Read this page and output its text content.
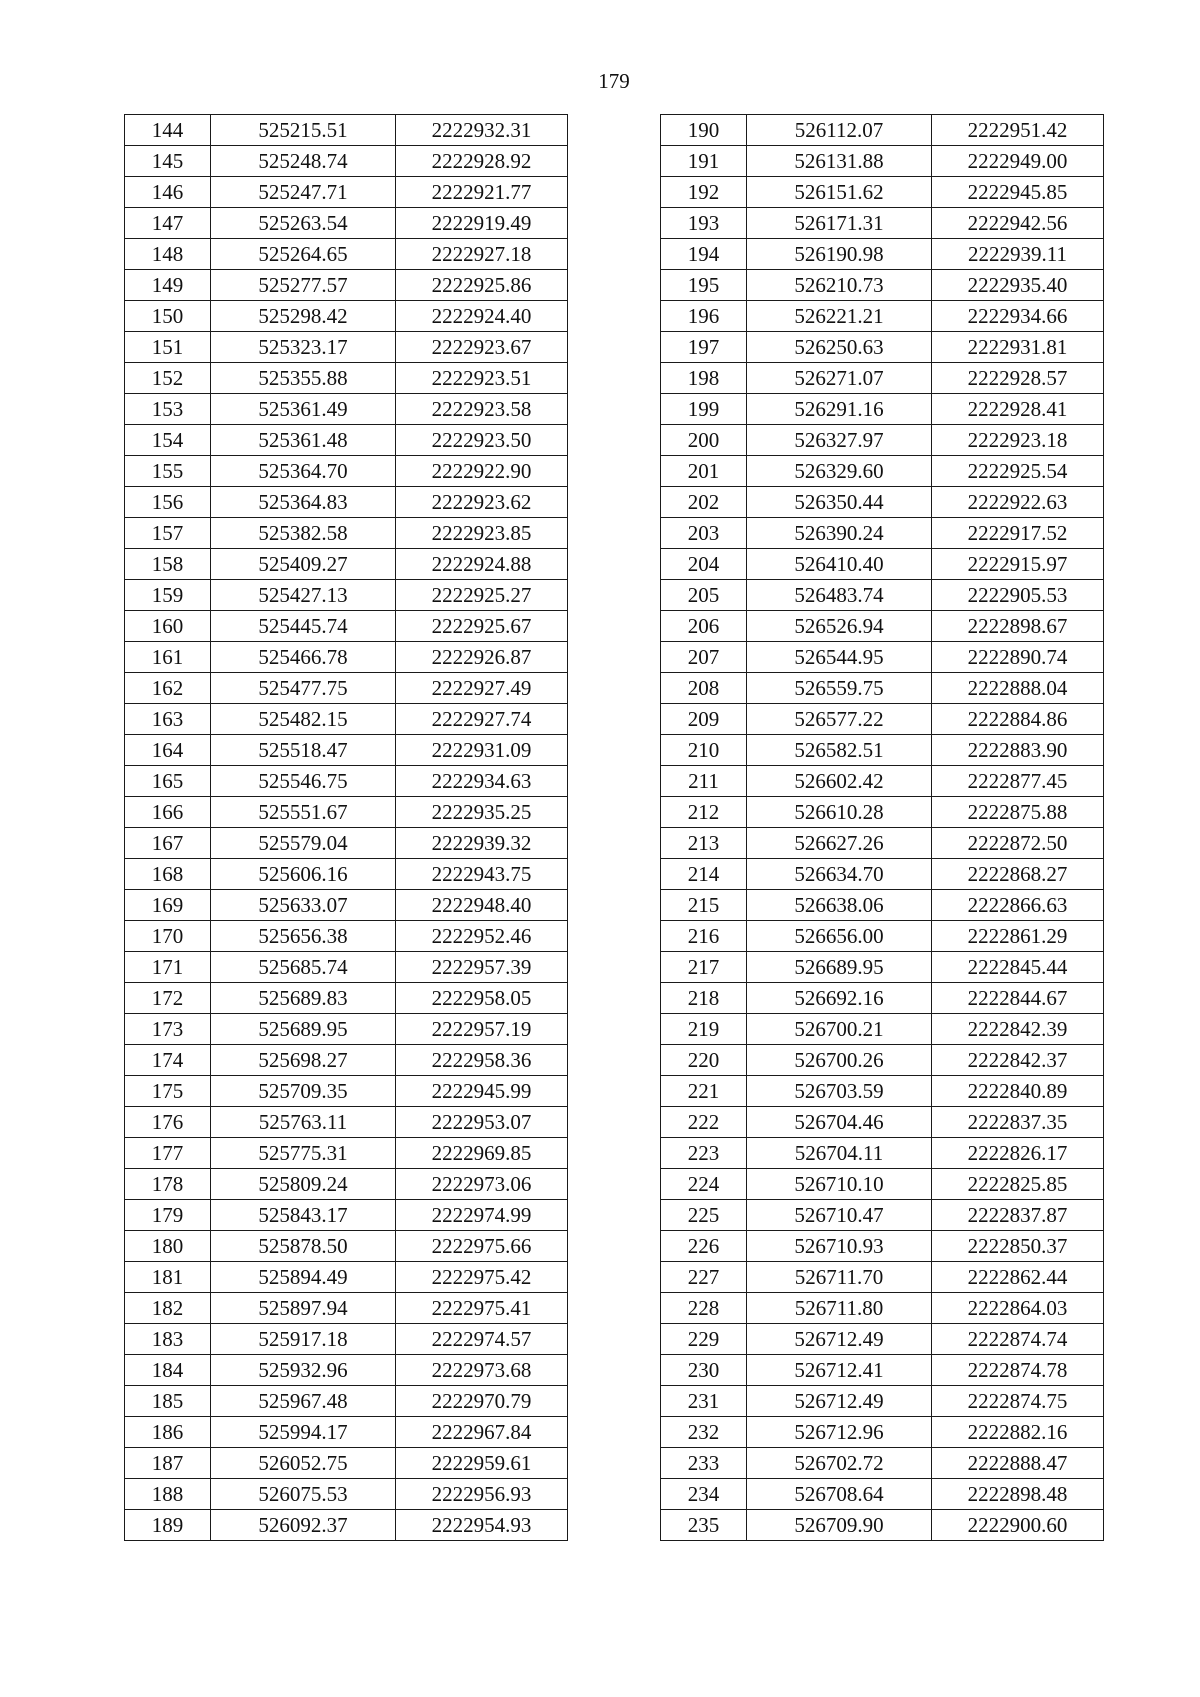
179
144	525215.51	2222932.31
145	525248.74	2222928.92
146	525247.71	2222921.77
147	525263.54	2222919.49
148	525264.65	2222927.18
149	525277.57	2222925.86
150	525298.42	2222924.40
151	525323.17	2222923.67
152	525355.88	2222923.51
153	525361.49	2222923.58
154	525361.48	2222923.50
155	525364.70	2222922.90
156	525364.83	2222923.62
157	525382.58	2222923.85
158	525409.27	2222924.88
159	525427.13	2222925.27
160	525445.74	2222925.67
161	525466.78	2222926.87
162	525477.75	2222927.49
163	525482.15	2222927.74
164	525518.47	2222931.09
165	525546.75	2222934.63
166	525551.67	2222935.25
167	525579.04	2222939.32
168	525606.16	2222943.75
169	525633.07	2222948.40
170	525656.38	2222952.46
171	525685.74	2222957.39
172	525689.83	2222958.05
173	525689.95	2222957.19
174	525698.27	2222958.36
175	525709.35	2222945.99
176	525763.11	2222953.07
177	525775.31	2222969.85
178	525809.24	2222973.06
179	525843.17	2222974.99
180	525878.50	2222975.66
181	525894.49	2222975.42
182	525897.94	2222975.41
183	525917.18	2222974.57
184	525932.96	2222973.68
185	525967.48	2222970.79
186	525994.17	2222967.84
187	526052.75	2222959.61
188	526075.53	2222956.93
189	526092.37	2222954.93
190	526112.07	2222951.42
191	526131.88	2222949.00
192	526151.62	2222945.85
193	526171.31	2222942.56
194	526190.98	2222939.11
195	526210.73	2222935.40
196	526221.21	2222934.66
197	526250.63	2222931.81
198	526271.07	2222928.57
199	526291.16	2222928.41
200	526327.97	2222923.18
201	526329.60	2222925.54
202	526350.44	2222922.63
203	526390.24	2222917.52
204	526410.40	2222915.97
205	526483.74	2222905.53
206	526526.94	2222898.67
207	526544.95	2222890.74
208	526559.75	2222888.04
209	526577.22	2222884.86
210	526582.51	2222883.90
211	526602.42	2222877.45
212	526610.28	2222875.88
213	526627.26	2222872.50
214	526634.70	2222868.27
215	526638.06	2222866.63
216	526656.00	2222861.29
217	526689.95	2222845.44
218	526692.16	2222844.67
219	526700.21	2222842.39
220	526700.26	2222842.37
221	526703.59	2222840.89
222	526704.46	2222837.35
223	526704.11	2222826.17
224	526710.10	2222825.85
225	526710.47	2222837.87
226	526710.93	2222850.37
227	526711.70	2222862.44
228	526711.80	2222864.03
229	526712.49	2222874.74
230	526712.41	2222874.78
231	526712.49	2222874.75
232	526712.96	2222882.16
233	526702.72	2222888.47
234	526708.64	2222898.48
235	526709.90	2222900.60
